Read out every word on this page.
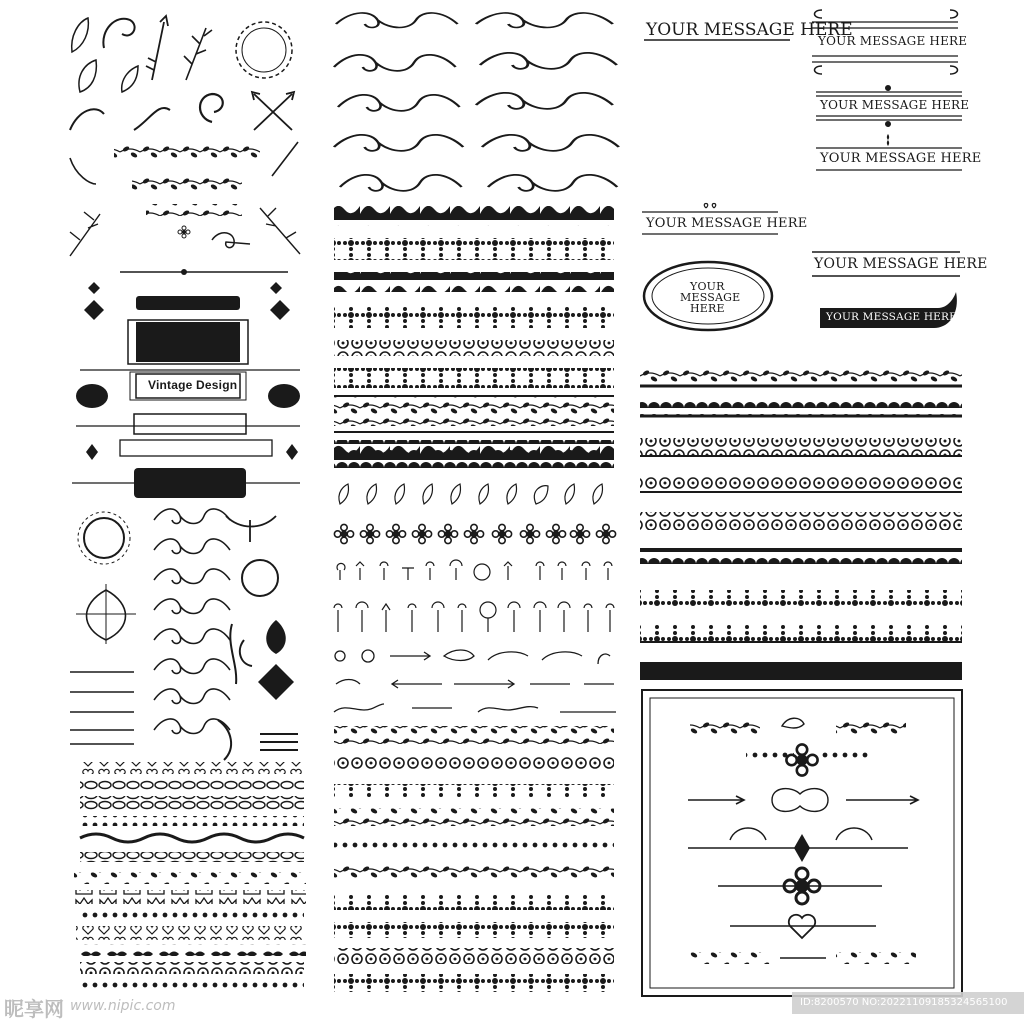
YOUR MESSAGE HERE
YOUR MESSAGE HERE
YOUR MESSAGE HERE
YOUR MESSAGE HERE
YOUR MESSAGE HERE
YOUR MESSAGE HERE
YOUR MESSAGE HERE
YOUR
MESSAGE
HERE
Vintage Design
昵享网 www.nipic.com	ID:8200570 NO:20221109185324565100
